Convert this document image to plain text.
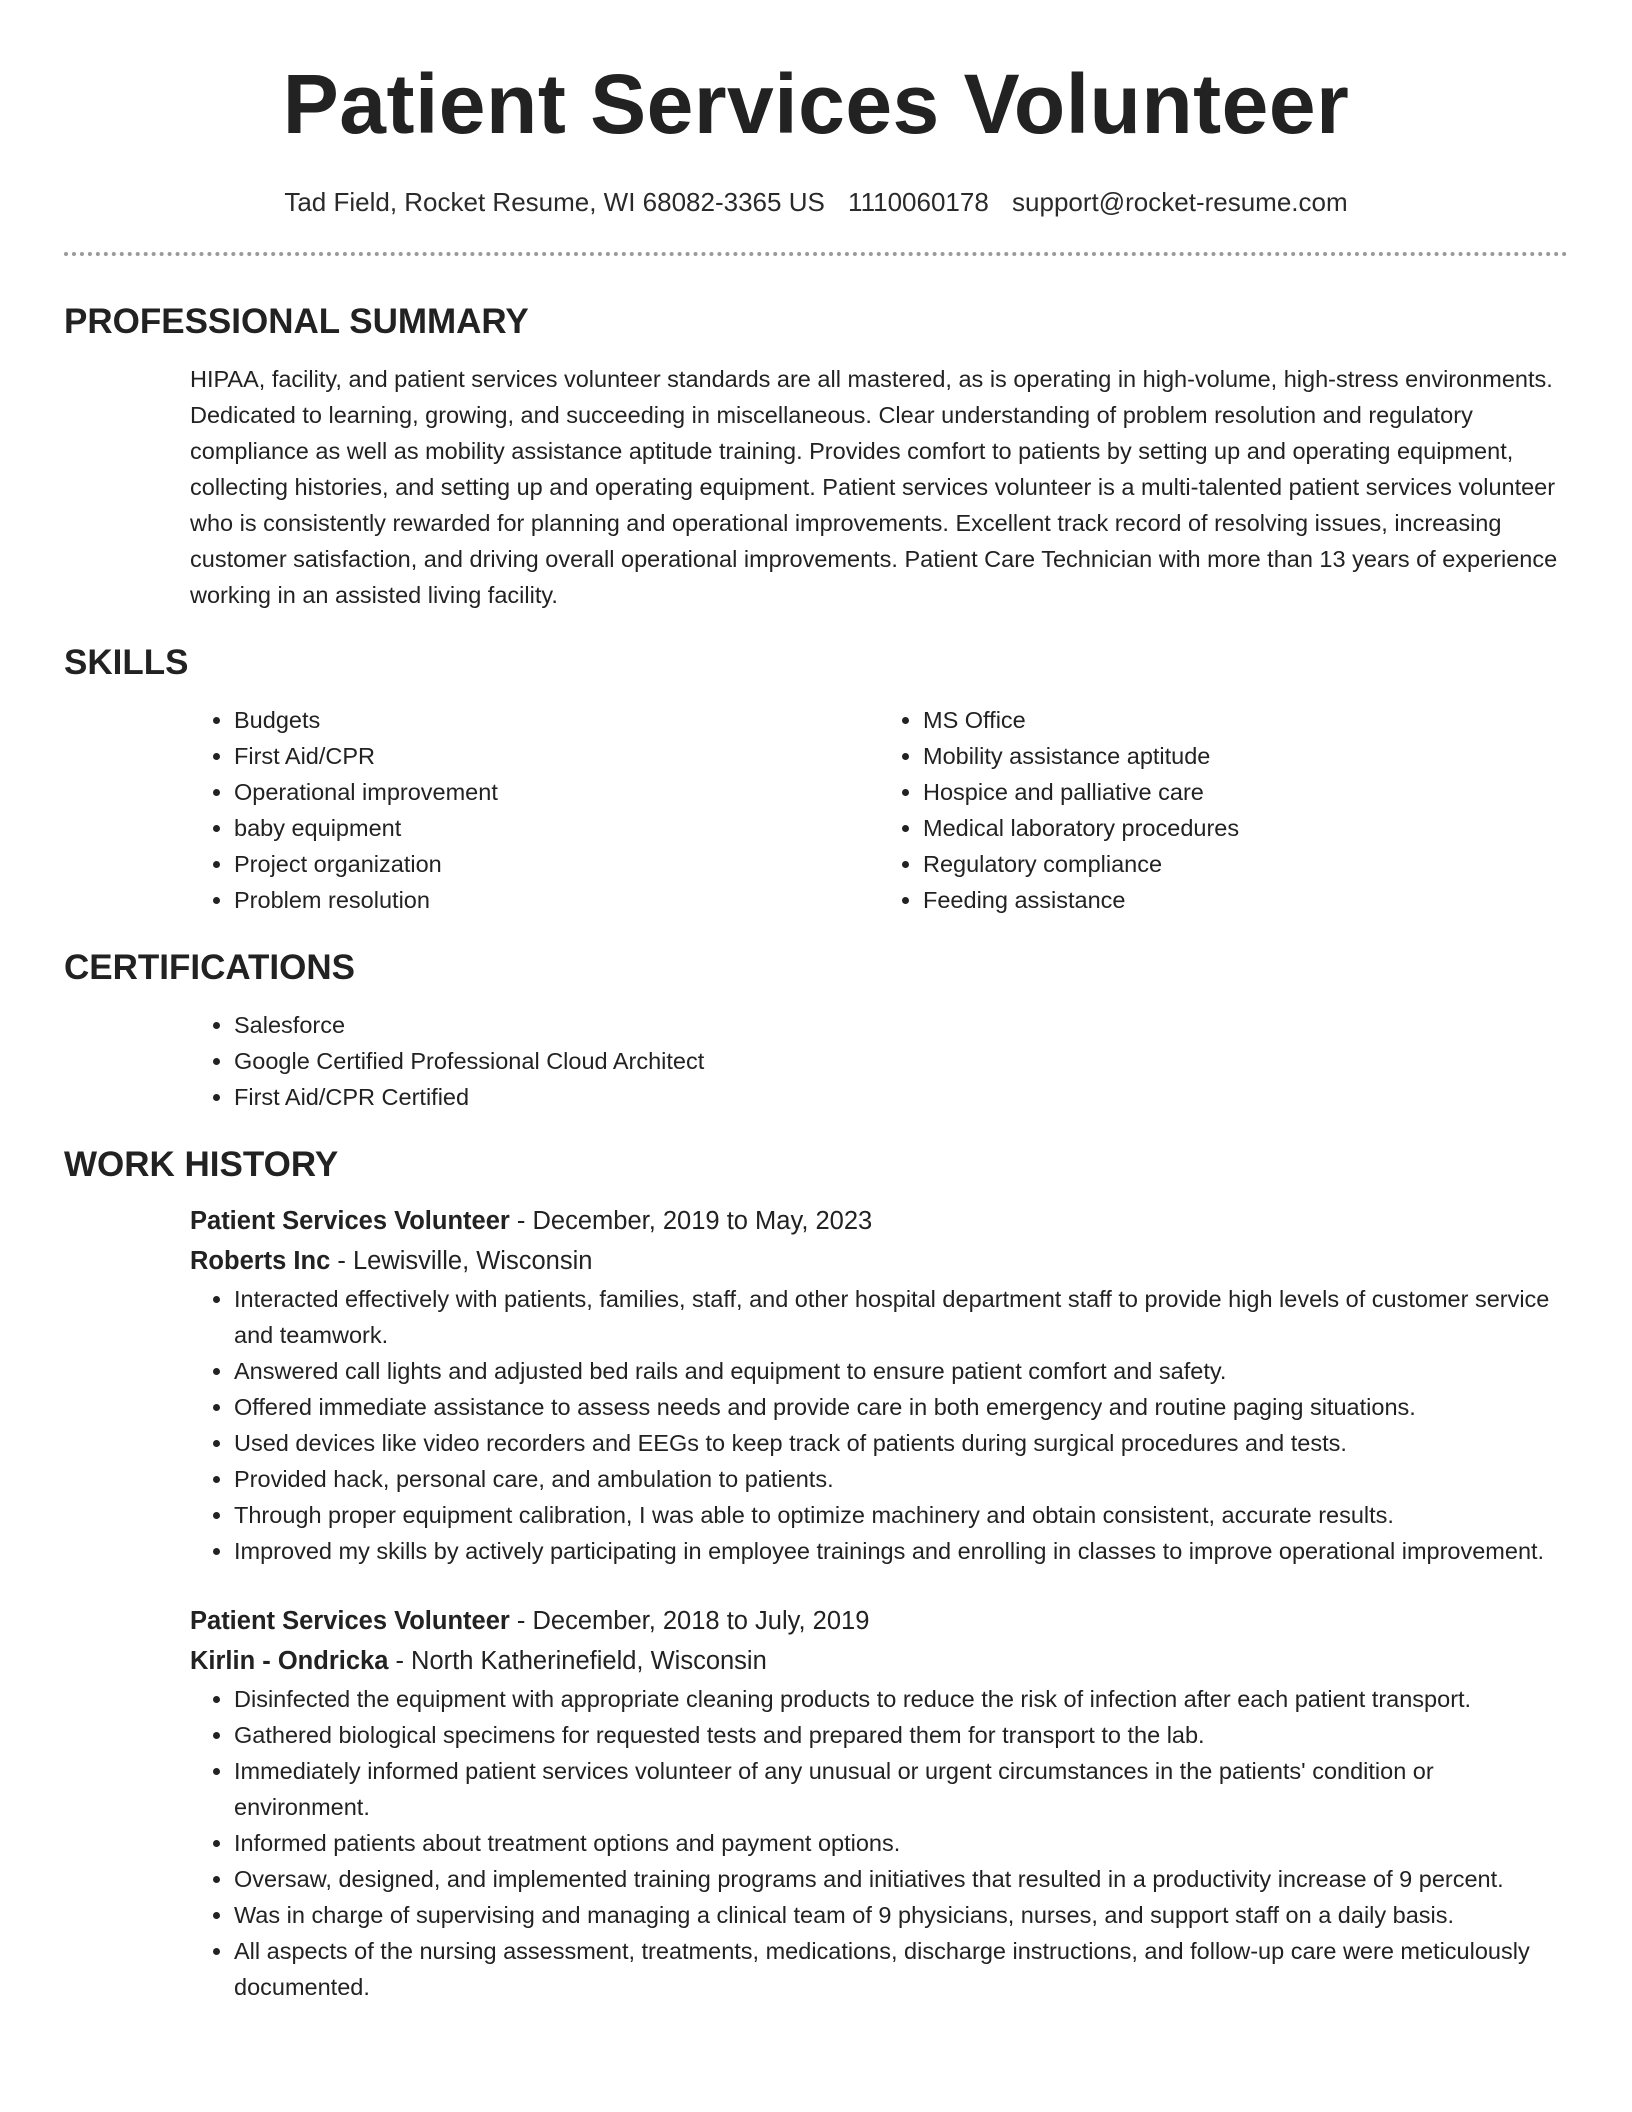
Patient Services Volunteer
Tad Field, Rocket Resume, WI 68082-3365 US 1110060178 support@rocket-resume.com
PROFESSIONAL SUMMARY

HIPAA, facility, and patient services volunteer standards are all mastered, as is operating in high-volume, high-stress environments. Dedicated to learning, growing, and succeeding in miscellaneous. Clear understanding of problem resolution and regulatory compliance as well as mobility assistance aptitude training. Provides comfort to patients by setting up and operating equipment, collecting histories, and setting up and operating equipment. Patient services volunteer is a multi-talented patient services volunteer who is consistently rewarded for planning and operational improvements. Excellent track record of resolving issues, increasing customer satisfaction, and driving overall operational improvements. Patient Care Technician with more than 13 years of experience working in an assisted living facility.

SKILLS
• Budgets
• First Aid/CPR
• Operational improvement
• baby equipment
• Project organization
• Problem resolution
• MS Office
• Mobility assistance aptitude
• Hospice and palliative care
• Medical laboratory procedures
• Regulatory compliance
• Feeding assistance
CERTIFICATIONS
• Salesforce
• Google Certified Professional Cloud Architect
• First Aid/CPR Certified
WORK HISTORY
Patient Services Volunteer - December, 2019 to May, 2023
Roberts Inc - Lewisville, Wisconsin
• Interacted effectively with patients, families, staff, and other hospital department staff to provide high levels of customer service and teamwork.
• Answered call lights and adjusted bed rails and equipment to ensure patient comfort and safety.
• Offered immediate assistance to assess needs and provide care in both emergency and routine paging situations.
• Used devices like video recorders and EEGs to keep track of patients during surgical procedures and tests.
• Provided hack, personal care, and ambulation to patients.
• Through proper equipment calibration, I was able to optimize machinery and obtain consistent, accurate results.
• Improved my skills by actively participating in employee trainings and enrolling in classes to improve operational improvement.
Patient Services Volunteer - December, 2018 to July, 2019
Kirlin - Ondricka - North Katherinefield, Wisconsin
• Disinfected the equipment with appropriate cleaning products to reduce the risk of infection after each patient transport.
• Gathered biological specimens for requested tests and prepared them for transport to the lab.
• Immediately informed patient services volunteer of any unusual or urgent circumstances in the patients' condition or environment.
• Informed patients about treatment options and payment options.
• Oversaw, designed, and implemented training programs and initiatives that resulted in a productivity increase of 9 percent.
• Was in charge of supervising and managing a clinical team of 9 physicians, nurses, and support staff on a daily basis.
• All aspects of the nursing assessment, treatments, medications, discharge instructions, and follow-up care were meticulously documented.
